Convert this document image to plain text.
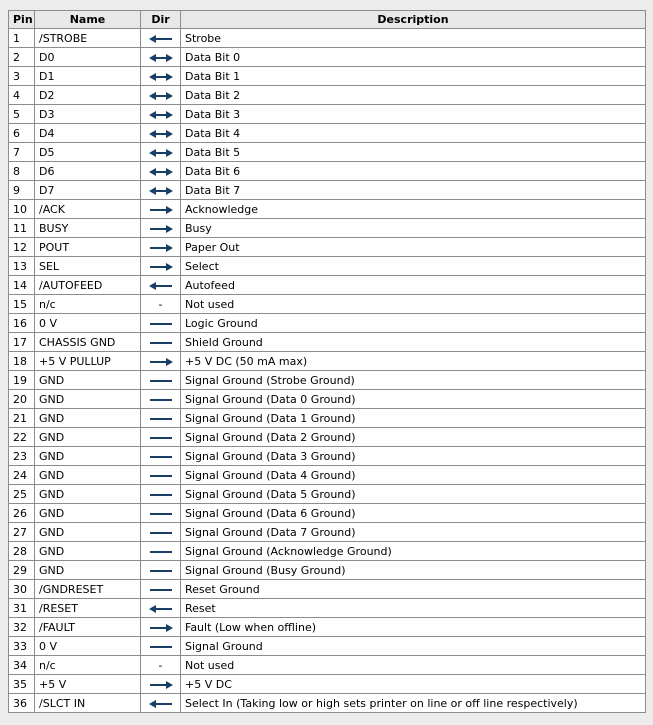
Pin	Name	Dir	Description
1	/STROBE		Strobe
2	D0		Data Bit 0
3	D1		Data Bit 1
4	D2		Data Bit 2
5	D3		Data Bit 3
6	D4		Data Bit 4
7	D5		Data Bit 5
8	D6		Data Bit 6
9	D7		Data Bit 7
10	/ACK		Acknowledge
11	BUSY		Busy
12	POUT		Paper Out
13	SEL		Select
14	/AUTOFEED		Autofeed
15	n/c	-	Not used
16	0 V		Logic Ground
17	CHASSIS GND		Shield Ground
18	+5 V PULLUP		+5 V DC (50 mA max)
19	GND		Signal Ground (Strobe Ground)
20	GND		Signal Ground (Data 0 Ground)
21	GND		Signal Ground (Data 1 Ground)
22	GND		Signal Ground (Data 2 Ground)
23	GND		Signal Ground (Data 3 Ground)
24	GND		Signal Ground (Data 4 Ground)
25	GND		Signal Ground (Data 5 Ground)
26	GND		Signal Ground (Data 6 Ground)
27	GND		Signal Ground (Data 7 Ground)
28	GND		Signal Ground (Acknowledge Ground)
29	GND		Signal Ground (Busy Ground)
30	/GNDRESET		Reset Ground
31	/RESET		Reset
32	/FAULT		Fault (Low when offline)
33	0 V		Signal Ground
34	n/c	-	Not used
35	+5 V		+5 V DC
36	/SLCT IN		Select In (Taking low or high sets printer on line or off line respectively)
